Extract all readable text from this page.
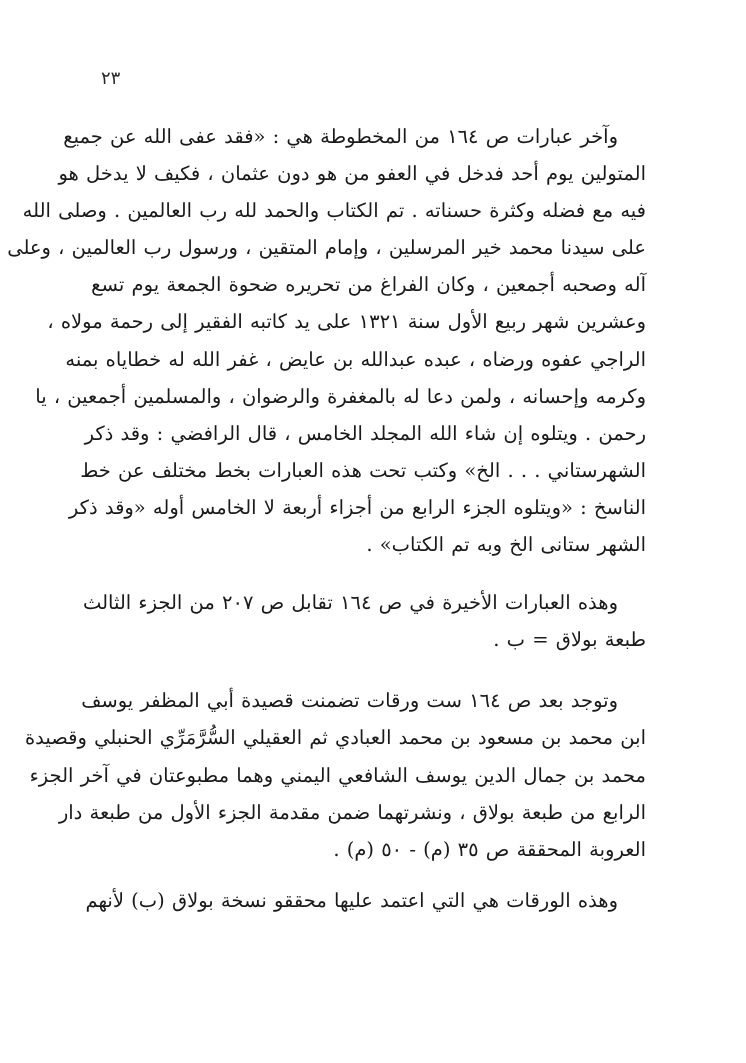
٢٣

وآخر عبارات ص ١٦٤ من المخطوطة هي : «فقد عفى الله عن جميع
المتولين يوم أحد فدخل في العفو من هو دون عثمان ، فكيف لا يدخل هو
فيه مع فضله وكثرة حسناته . تم الكتاب والحمد لله رب العالمين . وصلى الله
على سيدنا محمد خير المرسلين ، وإمام المتقين ، ورسول رب العالمين ، وعلى
آله وصحبه أجمعين ، وكان الفراغ من تحريره ضحوة الجمعة يوم تسع
وعشرين شهر ربيع الأول سنة ١٣٢١ على يد كاتبه الفقير إلى رحمة مولاه ،
الراجي عفوه ورضاه ، عبده عبدالله بن عايض ، غفر الله له خطاياه بمنه
وكرمه وإحسانه ، ولمن دعا له بالمغفرة والرضوان ، والمسلمين أجمعين ، يا
رحمن . ويتلوه إن شاء الله المجلد الخامس ، قال الرافضي : وقد ذكر
الشهرستاني . . . الخ» وكتب تحت هذه العبارات بخط مختلف عن خط
الناسخ : «ويتلوه الجزء الرابع من أجزاء أربعة لا الخامس أوله «وقد ذكر
الشهر ستانى الخ وبه تم الكتاب» .

وهذه العبارات الأخيرة في ص ١٦٤ تقابل ص ٢٠٧ من الجزء الثالث
طبعة بولاق = ب .

وتوجد بعد ص ١٦٤ ست ورقات تضمنت قصيدة أبي المظفر يوسف
ابن محمد بن مسعود بن محمد العبادي ثم العقيلي السُّرَّمَرِّي الحنبلي وقصيدة
محمد بن جمال الدين يوسف الشافعي اليمني وهما مطبوعتان في آخر الجزء
الرابع من طبعة بولاق ، ونشرتهما ضمن مقدمة الجزء الأول من طبعة دار
العروبة المحققة ص ٣٥ (م) - ٥٠ (م) .

وهذه الورقات هي التي اعتمد عليها محققو نسخة بولاق (ب) لأنهم
